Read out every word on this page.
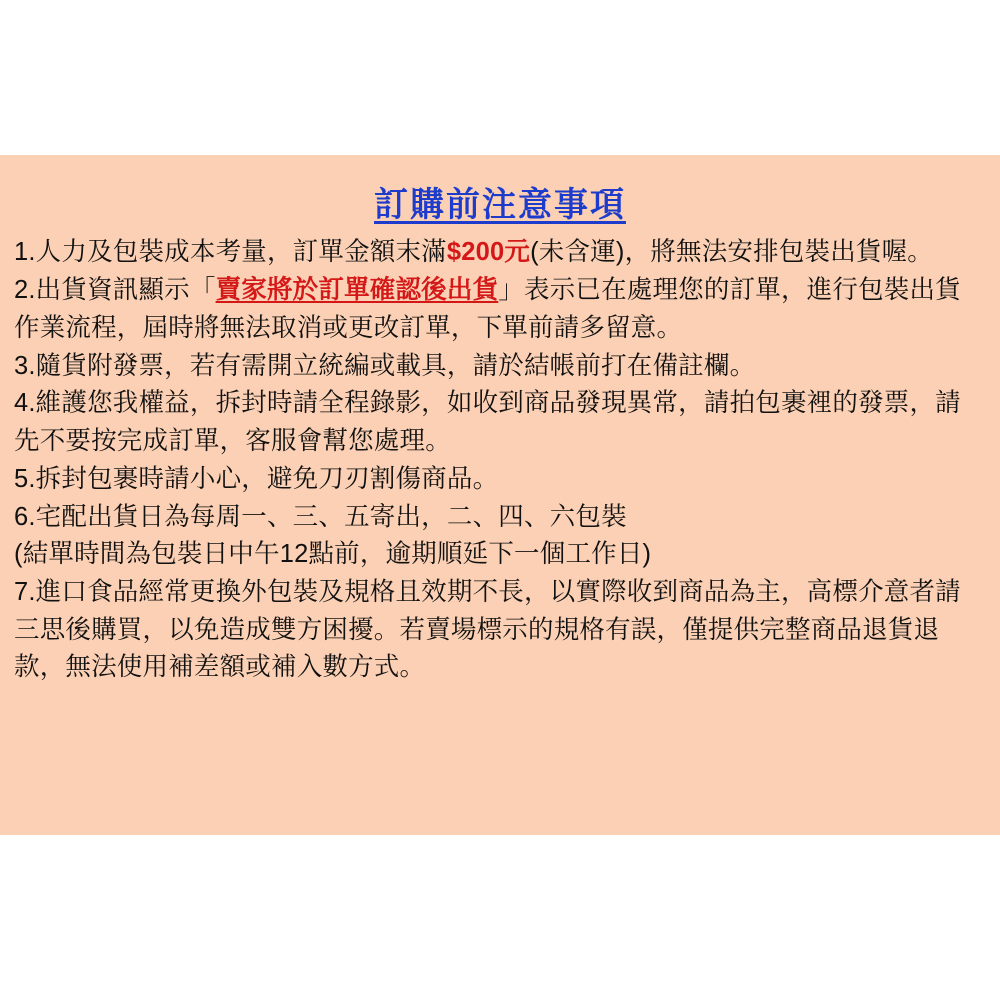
訂購前注意事項

1.人力及包裝成本考量，訂單金額末滿$200元(未含運)，將無法安排包裝出貨喔。

2.出貨資訊顯示「賣家將於訂單確認後出貨」表示已在處理您的訂單，進行包裝出貨

作業流程，屆時將無法取消或更改訂單，下單前請多留意。

3.隨貨附發票，若有需開立統編或載具，請於結帳前打在備註欄。

4.維護您我權益，拆封時請全程錄影，如收到商品發現異常，請拍包裹裡的發票，請

先不要按完成訂單，客服會幫您處理。

5.拆封包裹時請小心，避免刀刃割傷商品。

6.宅配出貨日為每周一、三、五寄出，二、四、六包裝

(結單時間為包裝日中午12點前，逾期順延下一個工作日)

7.進口食品經常更換外包裝及規格且效期不長，以實際收到商品為主，高標介意者請

三思後購買，以免造成雙方困擾。若賣場標示的規格有誤，僅提供完整商品退貨退

款，無法使用補差額或補入數方式。
